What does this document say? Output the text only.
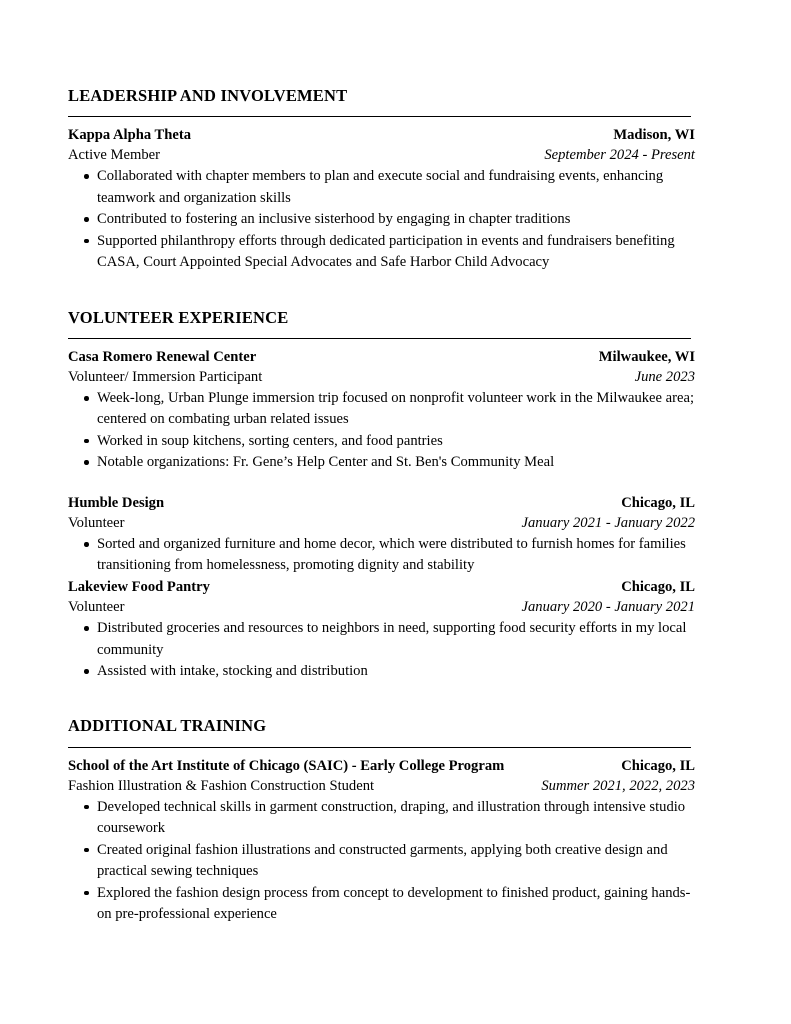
LEADERSHIP AND INVOLVEMENT
Kappa Alpha Theta	Madison, WI
Active Member	September 2024 - Present
Collaborated with chapter members to plan and execute social and fundraising events, enhancing teamwork and organization skills
Contributed to fostering an inclusive sisterhood by engaging in chapter traditions
Supported philanthropy efforts through dedicated participation in events and fundraisers benefiting CASA, Court Appointed Special Advocates and Safe Harbor Child Advocacy
VOLUNTEER EXPERIENCE
Casa Romero Renewal Center	Milwaukee, WI
Volunteer/ Immersion Participant	June 2023
Week-long, Urban Plunge immersion trip focused on nonprofit volunteer work in the Milwaukee area; centered on combating urban related issues
Worked in soup kitchens, sorting centers, and food pantries
Notable organizations: Fr. Gene’s Help Center and St. Ben's Community Meal
Humble Design	Chicago, IL
Volunteer	January 2021 - January 2022
Sorted and organized furniture and home decor, which were distributed to furnish homes for families transitioning from homelessness, promoting dignity and stability
Lakeview Food Pantry	Chicago, IL
Volunteer	January 2020 - January 2021
Distributed groceries and resources to neighbors in need, supporting food security efforts in my local community
Assisted with intake, stocking and distribution
ADDITIONAL TRAINING
School of the Art Institute of Chicago (SAIC) - Early College Program	Chicago, IL
Fashion Illustration & Fashion Construction Student	Summer 2021, 2022, 2023
Developed technical skills in garment construction, draping, and illustration through intensive studio coursework
Created original fashion illustrations and constructed garments, applying both creative design and practical sewing techniques
Explored the fashion design process from concept to development to finished product, gaining hands-on pre-professional experience
